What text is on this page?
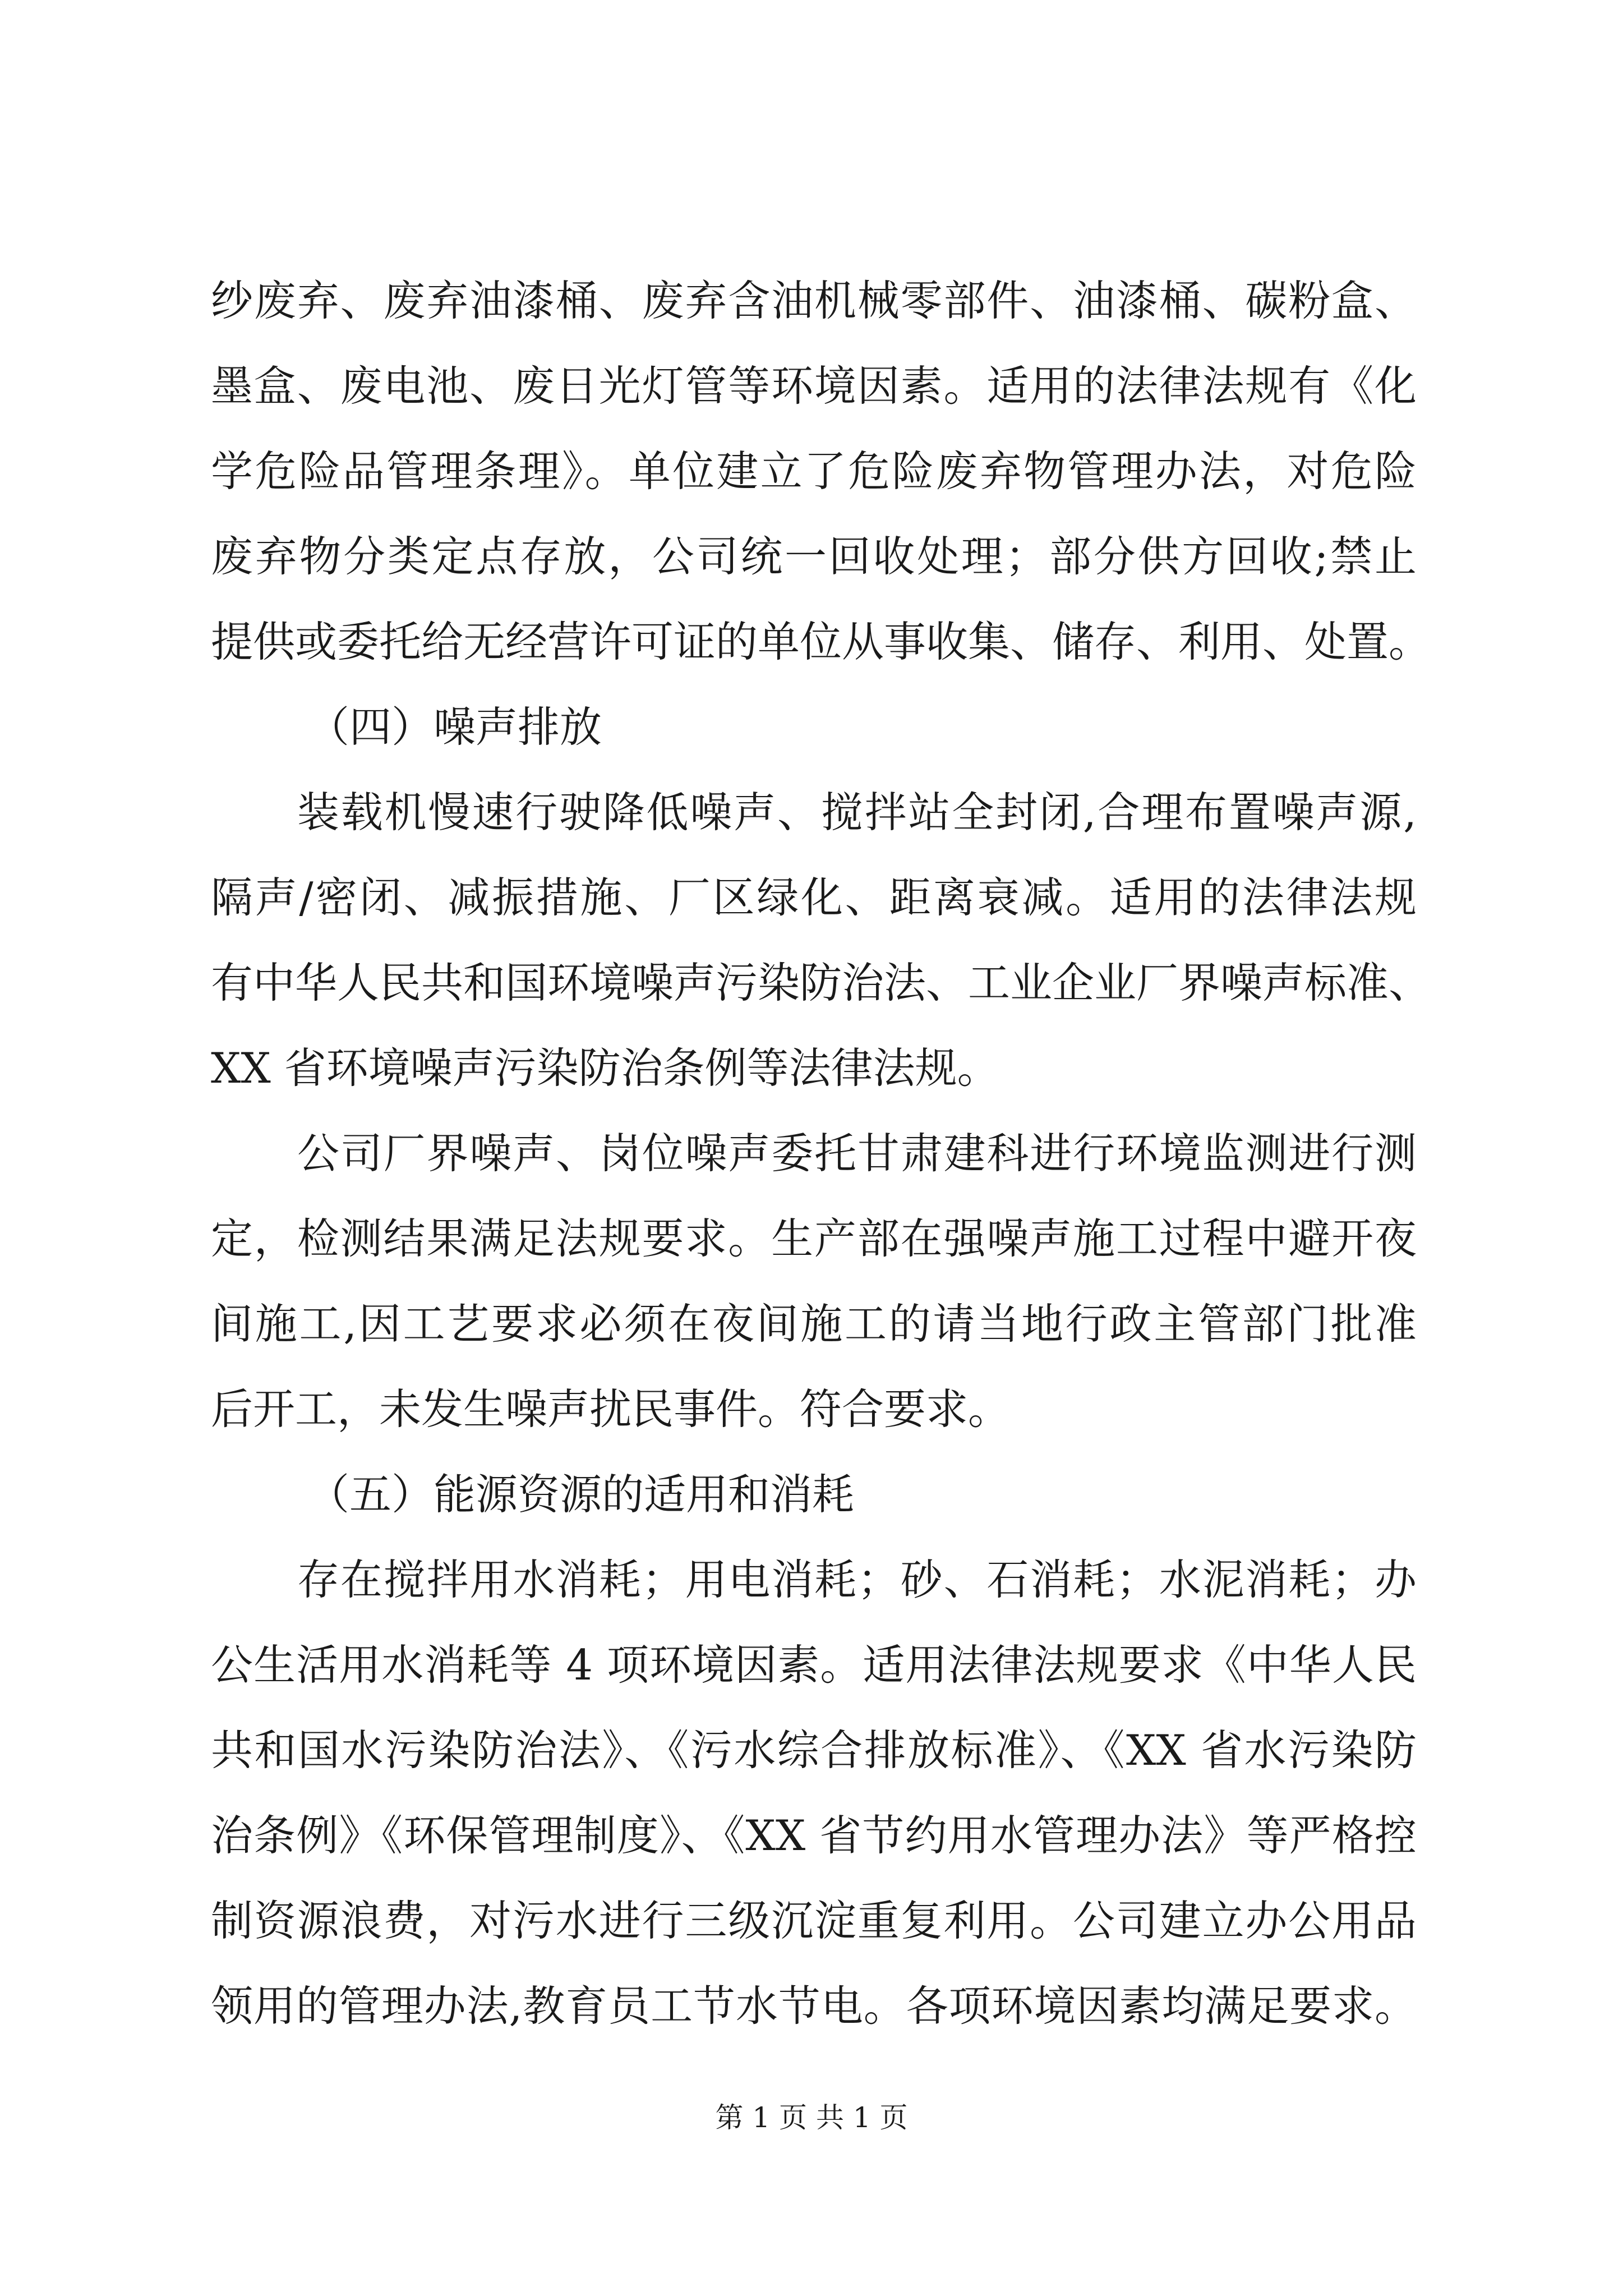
纱废弃、废弃油漆桶、废弃含油机械零部件、油漆桶、碳粉盒、
墨盒、废电池、废日光灯管等环境因素。适用的法律法规有《化
学危险品管理条理》。单位建立了危险废弃物管理办法，对危险
废弃物分类定点存放，公司统一回收处理；部分供方回收;禁止
提供或委托给无经营许可证的单位从事收集、储存、利用、处置。
（四）噪声排放
装载机慢速行驶降低噪声、搅拌站全封闭,合理布置噪声源,
隔声/密闭、减振措施、厂区绿化、距离衰减。适用的法律法规
有中华人民共和国环境噪声污染防治法、工业企业厂界噪声标准、
XX 省环境噪声污染防治条例等法律法规。
公司厂界噪声、岗位噪声委托甘肃建科进行环境监测进行测
定，检测结果满足法规要求。生产部在强噪声施工过程中避开夜
间施工,因工艺要求必须在夜间施工的请当地行政主管部门批准
后开工，未发生噪声扰民事件。符合要求。
（五）能源资源的适用和消耗
存在搅拌用水消耗；用电消耗；砂、石消耗；水泥消耗；办
公生活用水消耗等 4 项环境因素。适用法律法规要求《中华人民
共和国水污染防治法》、《污水综合排放标准》、《XX 省水污染防
治条例》《环保管理制度》、《XX 省节约用水管理办法》等严格控
制资源浪费，对污水进行三级沉淀重复利用。公司建立办公用品
领用的管理办法,教育员工节水节电。各项环境因素均满足要求。
第 1 页 共 1 页
